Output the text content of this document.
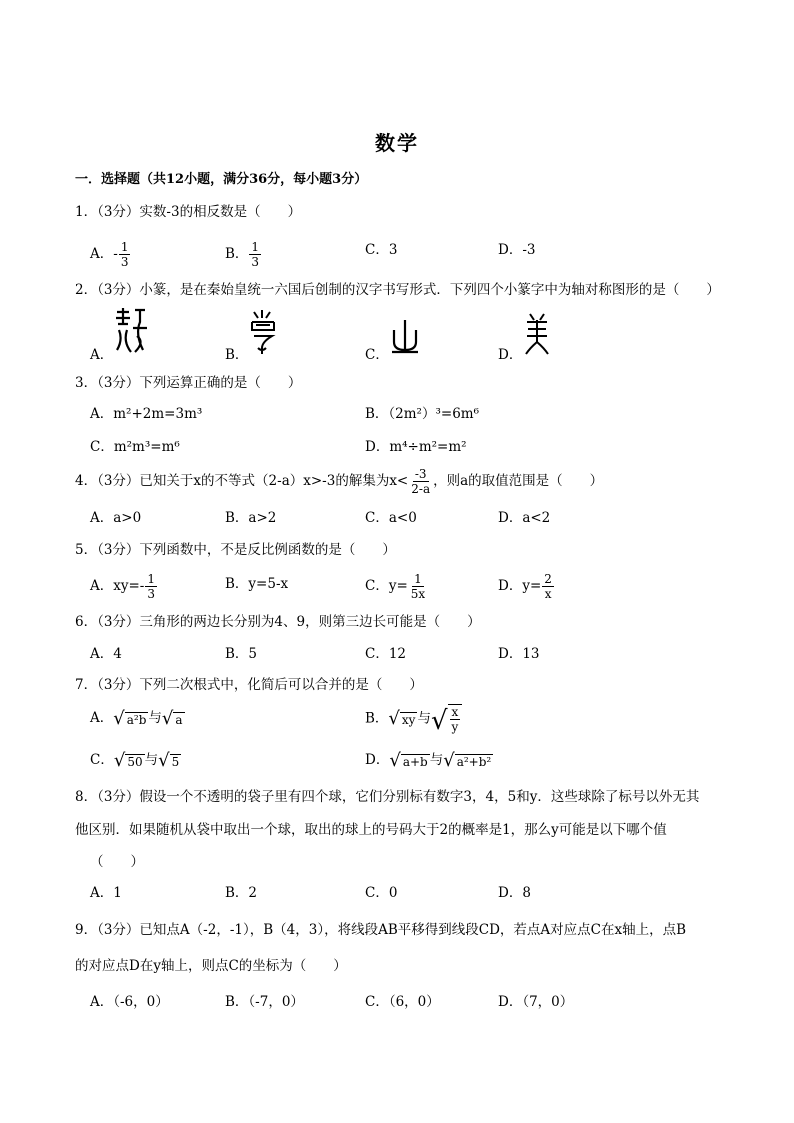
数学
一．选择题（共12小题，满分36分，每小题3分）
1．（3分）实数-3的相反数是（　　）
A．- $\frac{1}{3}$	B． $\frac{1}{3}$	C．3	D．-3
2．（3分）小篆，是在秦始皇统一六国后创制的汉字书写形式．下列四个小篆字中为轴对称图形的是（　　）
A．	B．	C．	D．
3．（3分）下列运算正确的是（　　）
A．m²+2m=3m³	B．（2m²）³=6m⁶
C．m²m³=m⁶	D．m⁴÷m²=m²
4．（3分）已知关于x的不等式（2-a）x>-3的解集为$x< \frac{-3}{2-a}$ ，则a的取值范围是（　　）
A．a>0	B．a>2	C．a<0	D．a<2
5．（3分）下列函数中，不是反比例函数的是（　　）
A．$xy=- \frac{1}{3}$	B．y=5-x	C．$y= \frac{1}{5x}$	D．$y= \frac{2}{x}$
6．（3分）三角形的两边长分别为4、9，则第三边长可能是（　　）
A．4	B．5	C．12	D．13
7．（3分）下列二次根式中，化简后可以合并的是（　　）
A． √ a²b 与 √ a	B． √ xy 与 √ $\frac{x}{y}$
C． √ 50 与 √ 5	D． √ a+b 与 √ a²+b²
8．（3分）假设一个不透明的袋子里有四个球，它们分别标有数字3，4，5和y．这些球除了标号以外无其
他区别．如果随机从袋中取出一个球，取出的球上的号码大于2的概率是1，那么y可能是以下哪个值
（　　）
A．1	B．2	C．0	D．8
9．（3分）已知点A（-2，-1），B（4，3），将线段AB平移得到线段CD，若点A对应点C在x轴上，点B
的对应点D在y轴上，则点C的坐标为（　　）
A．（-6，0）	B．（-7，0）	C．（6，0）	D．（7，0）
